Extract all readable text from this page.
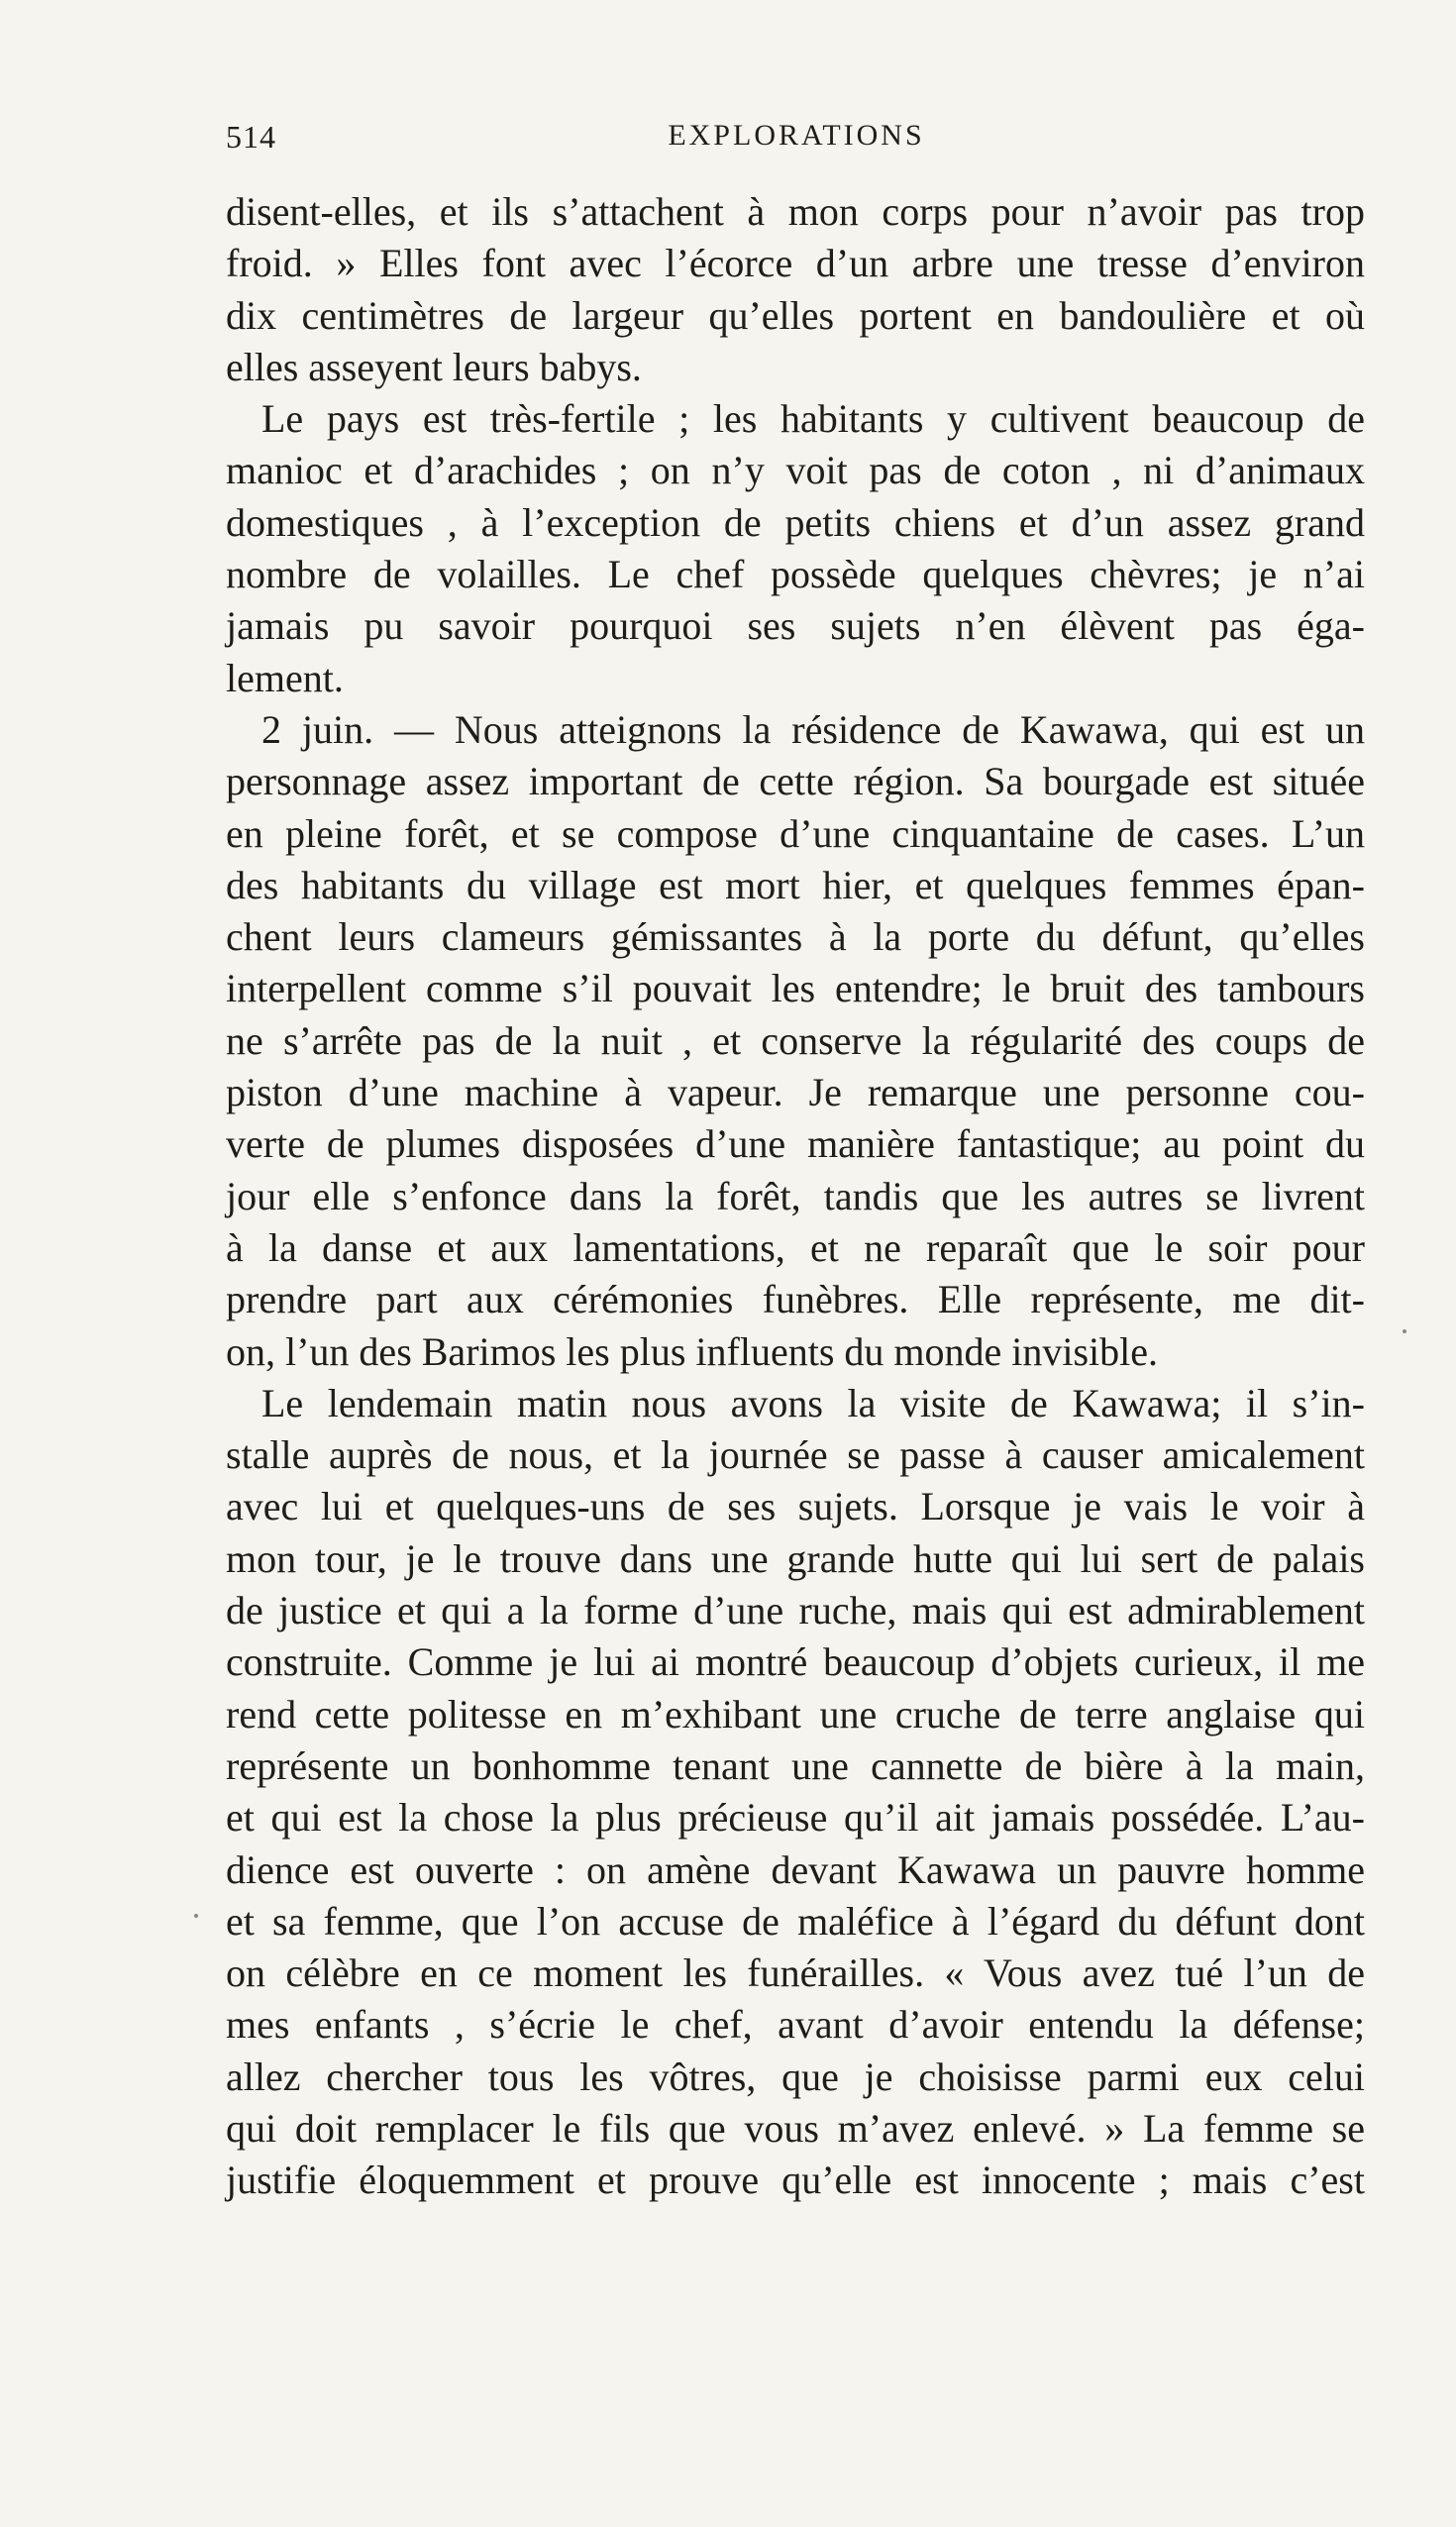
514	EXPLORATIONS
disent-elles, et ils s’attachent à mon corps pour n’avoir pas trop
froid. » Elles font avec l’écorce d’un arbre une tresse d’environ
dix centimètres de largeur qu’elles portent en bandoulière et où
elles asseyent leurs babys.
Le pays est très-fertile ; les habitants y cultivent beaucoup de
manioc et d’arachides ; on n’y voit pas de coton , ni d’animaux
domestiques , à l’exception de petits chiens et d’un assez grand
nombre de volailles. Le chef possède quelques chèvres; je n’ai
jamais pu savoir pourquoi ses sujets n’en élèvent pas éga-
lement.
2 juin. — Nous atteignons la résidence de Kawawa, qui est un
personnage assez important de cette région. Sa bourgade est située
en pleine forêt, et se compose d’une cinquantaine de cases. L’un
des habitants du village est mort hier, et quelques femmes épan-
chent leurs clameurs gémissantes à la porte du défunt, qu’elles
interpellent comme s’il pouvait les entendre; le bruit des tambours
ne s’arrête pas de la nuit , et conserve la régularité des coups de
piston d’une machine à vapeur. Je remarque une personne cou-
verte de plumes disposées d’une manière fantastique; au point du
jour elle s’enfonce dans la forêt, tandis que les autres se livrent
à la danse et aux lamentations, et ne reparaît que le soir pour
prendre part aux cérémonies funèbres. Elle représente, me dit-
on, l’un des Barimos les plus influents du monde invisible.
Le lendemain matin nous avons la visite de Kawawa; il s’in-
stalle auprès de nous, et la journée se passe à causer amicalement
avec lui et quelques-uns de ses sujets. Lorsque je vais le voir à
mon tour, je le trouve dans une grande hutte qui lui sert de palais
de justice et qui a la forme d’une ruche, mais qui est admirablement
construite. Comme je lui ai montré beaucoup d’objets curieux, il me
rend cette politesse en m’exhibant une cruche de terre anglaise qui
représente un bonhomme tenant une cannette de bière à la main,
et qui est la chose la plus précieuse qu’il ait jamais possédée. L’au-
dience est ouverte : on amène devant Kawawa un pauvre homme
et sa femme, que l’on accuse de maléfice à l’égard du défunt dont
on célèbre en ce moment les funérailles. « Vous avez tué l’un de
mes enfants , s’écrie le chef, avant d’avoir entendu la défense;
allez chercher tous les vôtres, que je choisisse parmi eux celui
qui doit remplacer le fils que vous m’avez enlevé. » La femme se
justifie éloquemment et prouve qu’elle est innocente ; mais c’est
